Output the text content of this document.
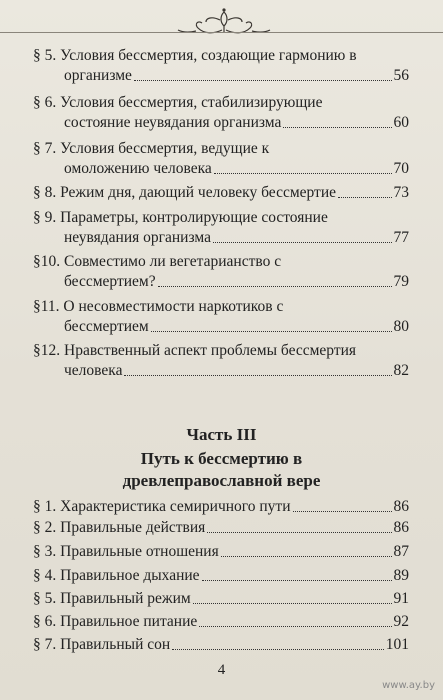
§ 5. Условия бессмертия, создающие гармонию в
организме	56
§ 6. Условия бессмертия, стабилизирующие
состояние неувядания организма	60
§ 7. Условия бессмертия, ведущие к
омоложению человека	70
§ 8. Режим дня, дающий человеку бессмертие	73
§ 9. Параметры, контролирующие состояние
неувядания организма	77
§10. Совместимо ли вегетарианство с
бессмертием?	79
§11. О несовместимости наркотиков с
бессмертием	80
§12. Нравственный аспект проблемы бессмертия
человека	82
Часть III
Путь к бессмертию в
древлеправославной вере
§ 1. Характеристика семиричного пути	86
§ 2. Правильные действия	86
§ 3. Правильные отношения	87
§ 4. Правильное дыхание	89
§ 5. Правильный режим	91
§ 6. Правильное питание	92
§ 7. Правильный сон	101
4
www.ay.by
